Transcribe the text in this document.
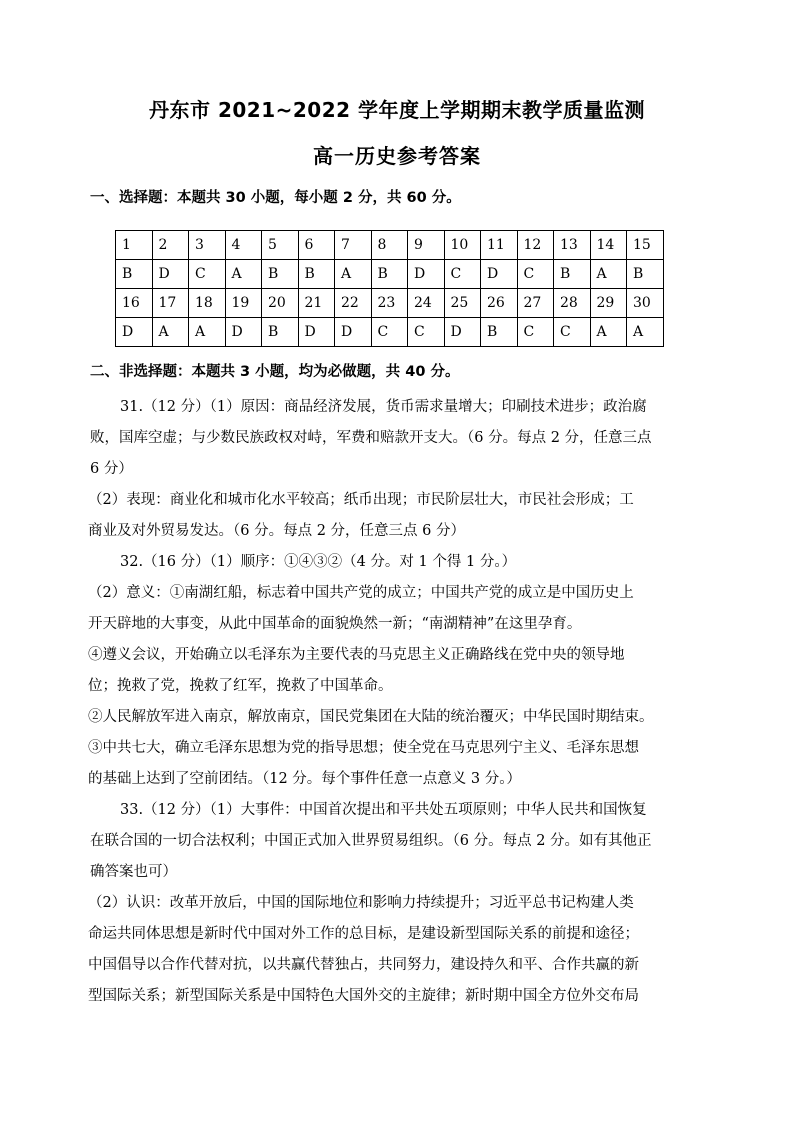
丹东市 2021~2022 学年度上学期期末教学质量监测
高一历史参考答案
一、选择题：本题共 30 小题，每小题 2 分，共 60 分。
1	2	3	4	5	6	7	8	9	10	11	12	13	14	15
B	D	C	A	B	B	A	B	D	C	D	C	B	A	B
16	17	18	19	20	21	22	23	24	25	26	27	28	29	30
D	A	A	D	B	D	D	C	C	D	B	C	C	A	A
二、非选择题：本题共 3 小题，均为必做题，共 40 分。
31.（12 分）（1）原因：商品经济发展，货币需求量增大；印刷技术进步；政治腐
败，国库空虚；与少数民族政权对峙，军费和赔款开支大。（6 分。每点 2 分，任意三点
6 分）
（2）表现：商业化和城市化水平较高；纸币出现；市民阶层壮大，市民社会形成；工
商业及对外贸易发达。（6 分。每点 2 分，任意三点 6 分）
32.（16 分）（1）顺序：①④③②（4 分。对 1 个得 1 分。）
（2）意义：①南湖红船，标志着中国共产党的成立；中国共产党的成立是中国历史上
开天辟地的大事变，从此中国革命的面貌焕然一新；“南湖精神”在这里孕育。
④遵义会议，开始确立以毛泽东为主要代表的马克思主义正确路线在党中央的领导地
位；挽救了党，挽救了红军，挽救了中国革命。
②人民解放军进入南京，解放南京，国民党集团在大陆的统治覆灭；中华民国时期结束。
③中共七大，确立毛泽东思想为党的指导思想；使全党在马克思列宁主义、毛泽东思想
的基础上达到了空前团结。（12 分。每个事件任意一点意义 3 分。）
33.（12 分）（1）大事件：中国首次提出和平共处五项原则；中华人民共和国恢复
在联合国的一切合法权利；中国正式加入世界贸易组织。（6 分。每点 2 分。如有其他正
确答案也可）
（2）认识：改革开放后，中国的国际地位和影响力持续提升；习近平总书记构建人类
命运共同体思想是新时代中国对外工作的总目标，是建设新型国际关系的前提和途径；
中国倡导以合作代替对抗，以共赢代替独占，共同努力，建设持久和平、合作共赢的新
型国际关系；新型国际关系是中国特色大国外交的主旋律；新时期中国全方位外交布局
